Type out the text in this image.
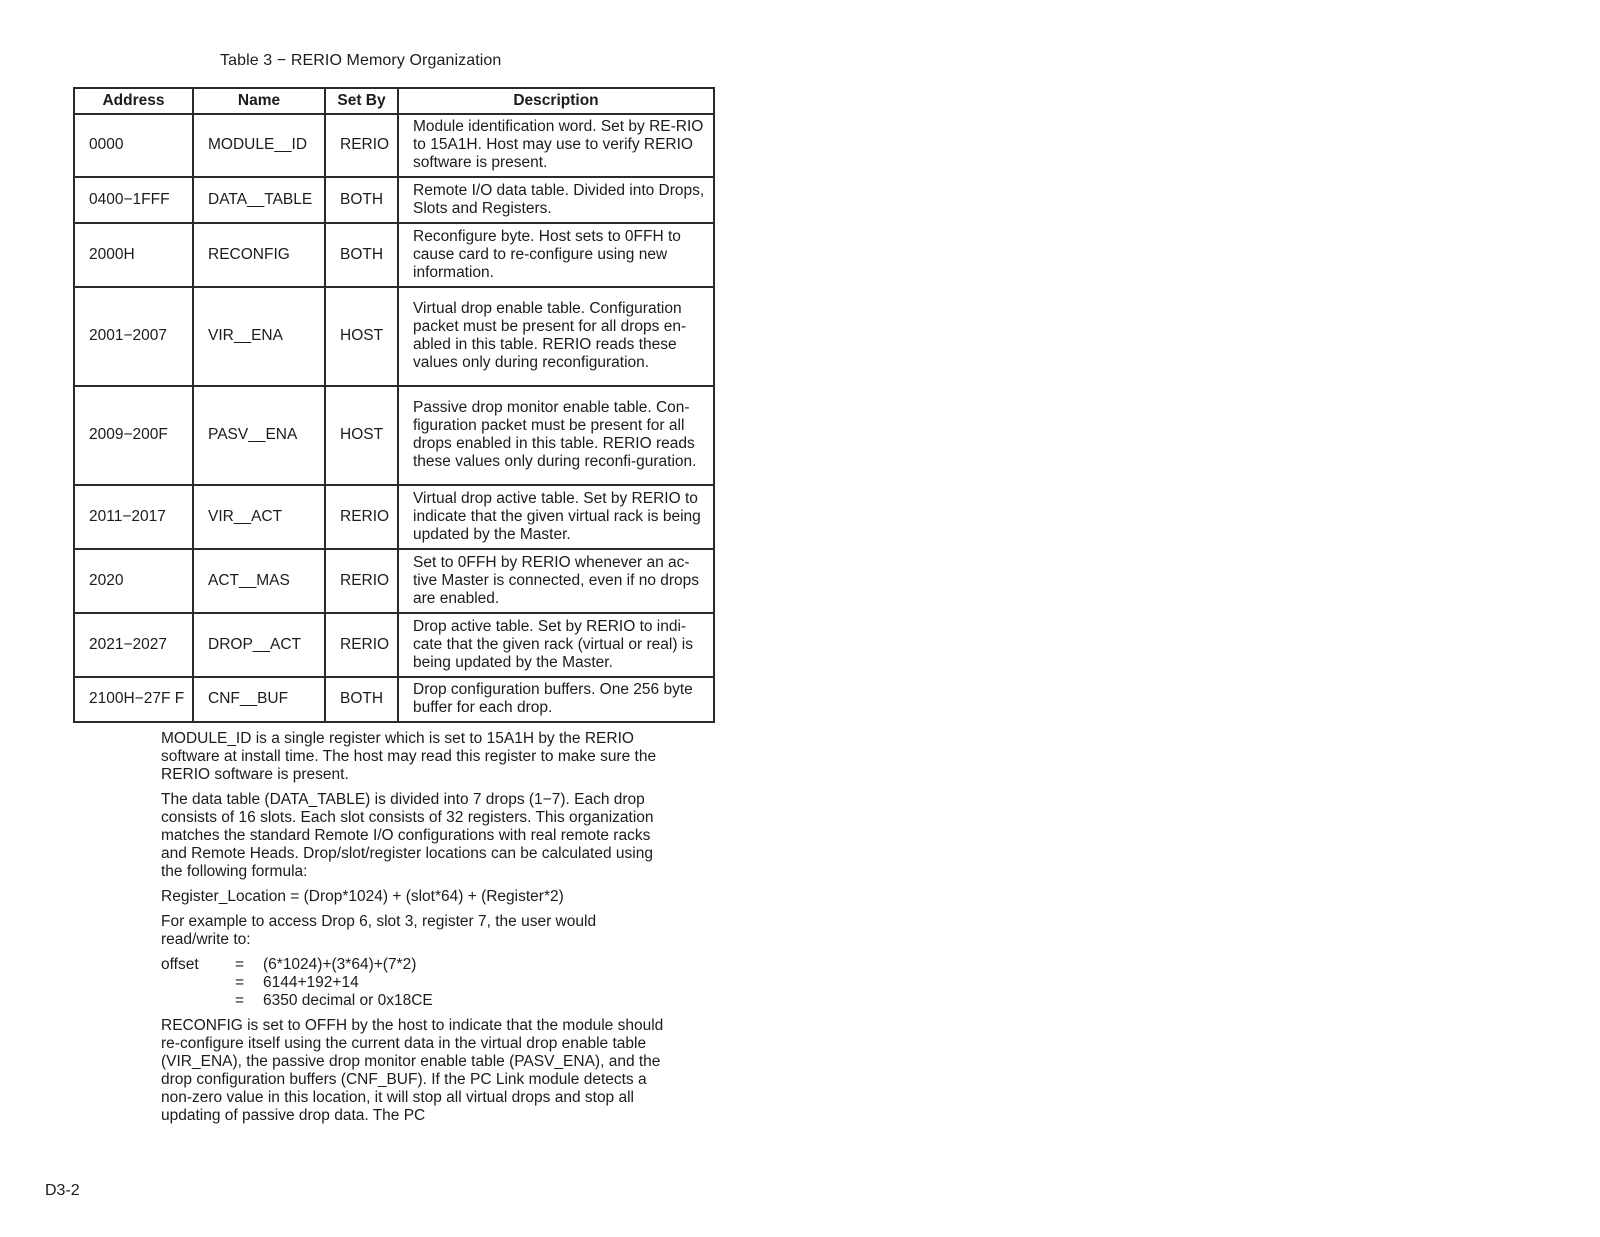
Table 3 − RERIO Memory Organization
Address	Name	Set By	Description
0000	MODULE__ID	RERIO	Module identification word. Set by RE-RIO to 15A1H. Host may use to verify RERIO software is present.
0400−1FFF	DATA__TABLE	BOTH	Remote I/O data table. Divided into Drops, Slots and Registers.
2000H	RECONFIG	BOTH	Reconfigure byte. Host sets to 0FFH to cause card to re-configure using new information.
2001−2007	VIR__ENA	HOST	Virtual drop enable table. Configuration packet must be present for all drops en-abled in this table. RERIO reads these values only during reconfiguration.
2009−200F	PASV__ENA	HOST	Passive drop monitor enable table. Con-figuration packet must be present for all drops enabled in this table. RERIO reads these values only during reconfi-guration.
2011−2017	VIR__ACT	RERIO	Virtual drop active table. Set by RERIO to indicate that the given virtual rack is being updated by the Master.
2020	ACT__MAS	RERIO	Set to 0FFH by RERIO whenever an ac-tive Master is connected, even if no drops are enabled.
2021−2027	DROP__ACT	RERIO	Drop active table. Set by RERIO to indi-cate that the given rack (virtual or real) is being updated by the Master.
2100H−27F F	CNF__BUF	BOTH	Drop configuration buffers. One 256 byte buffer for each drop.

MODULE_ID is a single register which is set to 15A1H by the RERIO software at install time. The host may read this register to make sure the RERIO software is present.

The data table (DATA_TABLE) is divided into 7 drops (1−7). Each drop consists of 16 slots. Each slot consists of 32 registers. This organization matches the standard Remote I/O configurations with real remote racks and Remote Heads. Drop/slot/register locations can be calculated using the following formula:

Register_Location = (Drop*1024) + (slot*64) + (Register*2)

For example to access Drop 6, slot 3, register 7, the user would read/write to:

offset	=	(6*1024)+(3*64)+(7*2)
=	6144+192+14
=	6350 decimal or 0x18CE

RECONFIG is set to OFFH by the host to indicate that the module should re-configure itself using the current data in the virtual drop enable table (VIR_ENA), the passive drop monitor enable table (PASV_ENA), and the drop configuration buffers (CNF_BUF). If the PC Link module detects a non-zero value in this location, it will stop all virtual drops and stop all updating of passive drop data. The PC

D3-2
